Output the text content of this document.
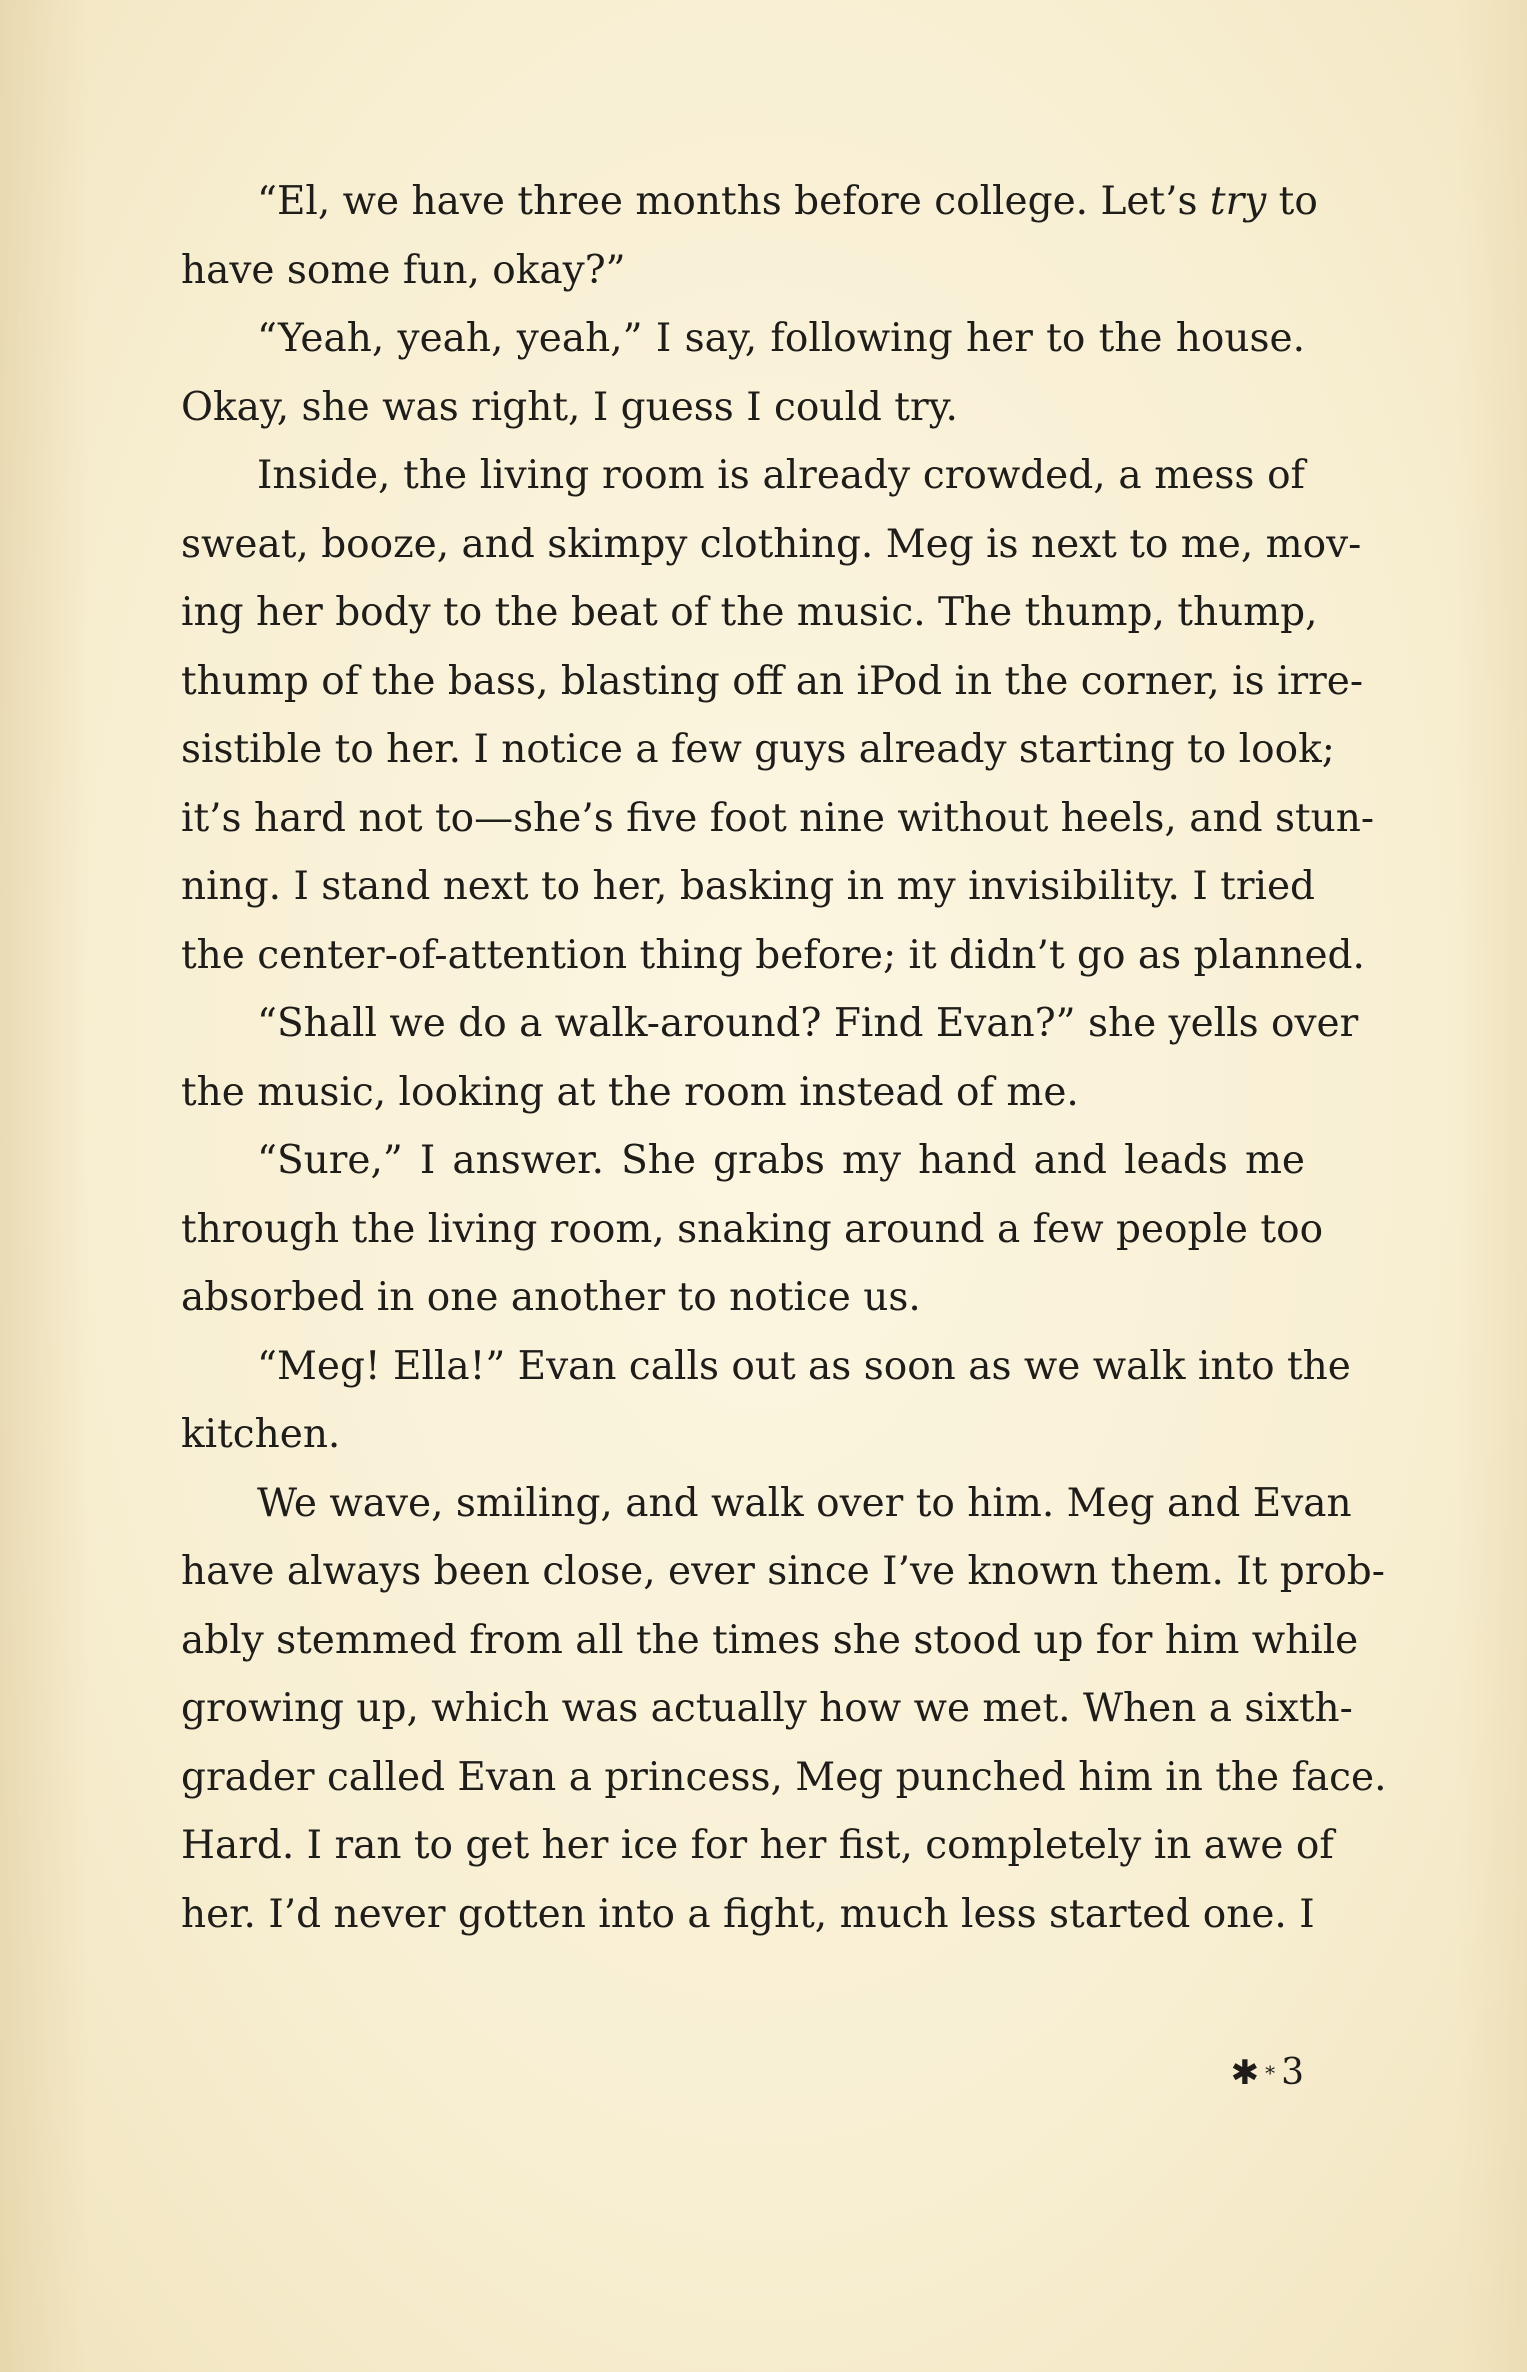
“El, we have three months before college. Let’s try to
have some fun, okay?”
“Yeah, yeah, yeah,” I say, following her to the house.
Okay, she was right, I guess I could try.
Inside, the living room is already crowded, a mess of
sweat, booze, and skimpy clothing. Meg is next to me, mov-
ing her body to the beat of the music. The thump, thump,
thump of the bass, blasting off an iPod in the corner, is irre-
sistible to her. I notice a few guys already starting to look;
it’s hard not to—she’s five foot nine without heels, and stun-
ning. I stand next to her, basking in my invisibility. I tried
the center-of-attention thing before; it didn’t go as planned.
“Shall we do a walk-around? Find Evan?” she yells over
the music, looking at the room instead of me.
“Sure,” I answer. She grabs my hand and leads me
through the living room, snaking around a few people too
absorbed in one another to notice us.
“Meg! Ella!” Evan calls out as soon as we walk into the
kitchen.
We wave, smiling, and walk over to him. Meg and Evan
have always been close, ever since I’ve known them. It prob-
ably stemmed from all the times she stood up for him while
growing up, which was actually how we met. When a sixth-
grader called Evan a princess, Meg punched him in the face.
Hard. I ran to get her ice for her fist, completely in awe of
her. I’d never gotten into a fight, much less started one. I
✱ * 3
